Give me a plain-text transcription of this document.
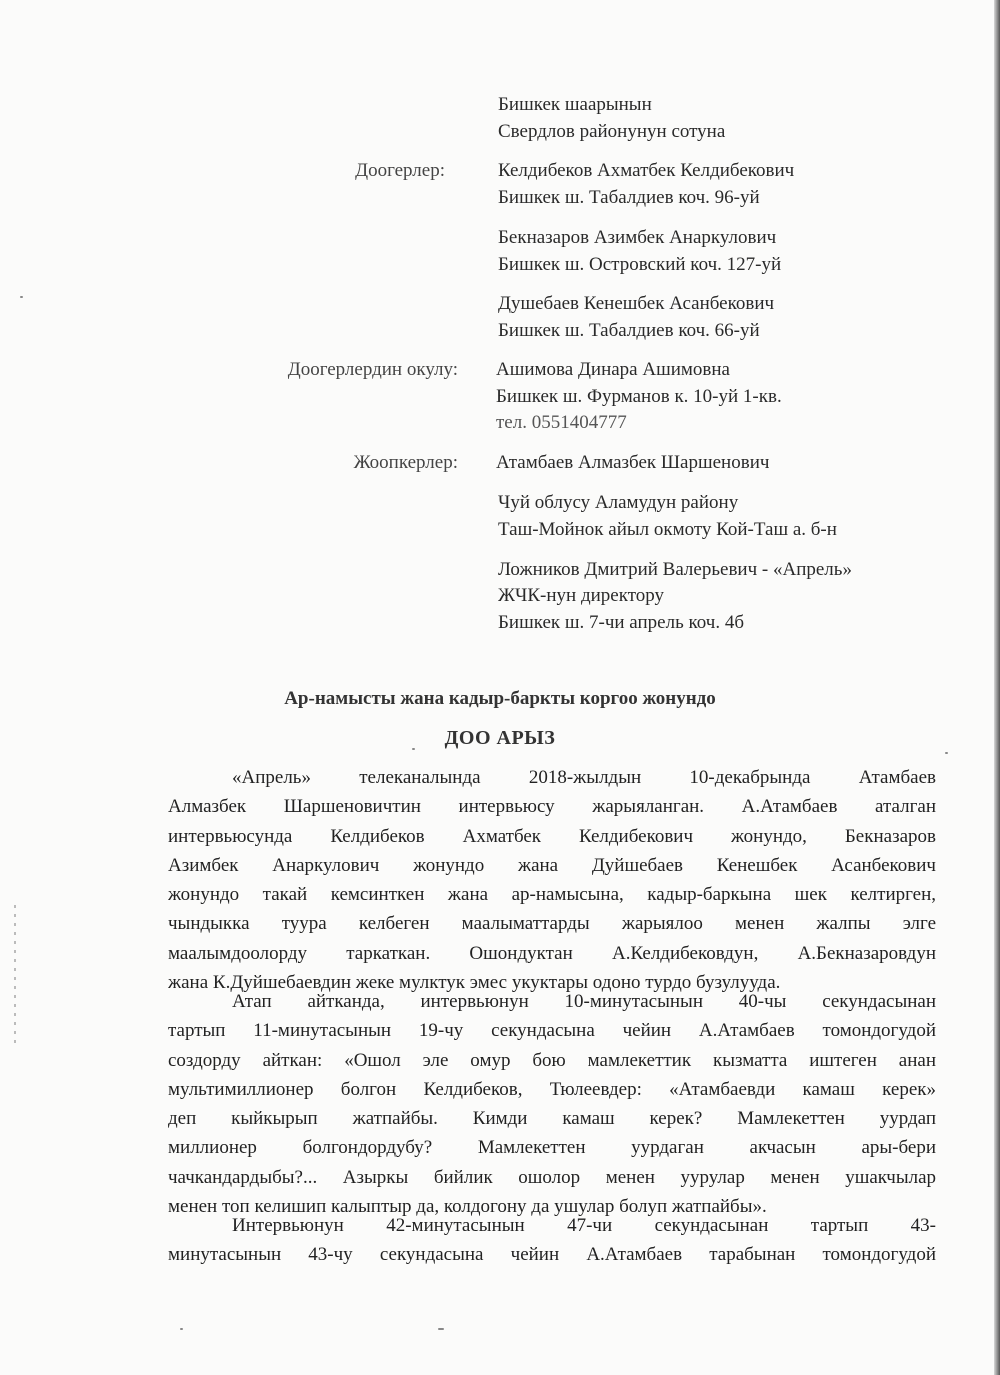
Бишкек шаарынын
Свердлов районунун сотуна
Доогерлер:	Келдибеков Ахматбек Келдибекович
Бишкек ш. Табалдиев коч. 96-уй
Бекназаров Азимбек Анаркулович
Бишкек ш. Островский коч. 127-уй
Душебаев Кенешбек Асанбекович
Бишкек ш. Табалдиев коч. 66-уй
Доогерлердин окулу: Ашимова Динара Ашимовна
Бишкек ш. Фурманов к. 10-уй 1-кв.
тел. 0551404777
Жоопкерлер: Атамбаев Алмазбек Шаршенович
Чуй облусу Аламудун району
Таш-Мойнок айыл окмоту Кой-Таш а. б-н
Ложников Дмитрий Валерьевич - «Апрель»
ЖЧК-нун директору
Бишкек ш. 7-чи апрель коч. 4б
Ар-намысты жана кадыр-баркты коргоо жонундо
ДОО АРЫЗ
«Апрель» телеканалында 2018-жылдын 10-декабрында Атамбаев
Алмазбек Шаршеновичтин интервьюсу жарыяланган. А.Атамбаев аталган
интервьюсунда Келдибеков Ахматбек Келдибекович жонундо, Бекназаров
Азимбек Анаркулович жонундо жана Дуйшебаев Кенешбек Асанбекович
жонундо такай кемсинткен жана ар-намысына, кадыр-баркына шек келтирген,
чындыкка туура келбеген маалыматтарды жарыялоо менен жалпы элге
маалымдоолорду таркаткан. Ошондуктан А.Келдибековдун, А.Бекназаровдун
жана К.Дуйшебаевдин жеке мулктук эмес укуктары одоно турдо бузулууда.
Атап айтканда, интервьюнун 10-минутасынын 40-чы секундасынан
тартып 11-минутасынын 19-чу секундасына чейин А.Атамбаев томондогудой
создорду айткан: «Ошол эле омур бою мамлекеттик кызматта иштеген анан
мультимиллионер болгон Келдибеков, Тюлеевдер: «Атамбаевди камаш керек»
деп кыйкырып жатпайбы. Кимди камаш керек? Мамлекеттен уурдап
миллионер болгондордубу? Мамлекеттен уурдаган акчасын ары-бери
чачкандардыбы?... Азыркы бийлик ошолор менен уурулар менен ушакчылар
менен топ келишип калыптыр да, колдогону да ушулар болуп жатпайбы».
Интервьюнун 42-минутасынын 47-чи секундасынан тартып 43-
минутасынын 43-чу секундасына чейин А.Атамбаев тарабынан томондогудой
